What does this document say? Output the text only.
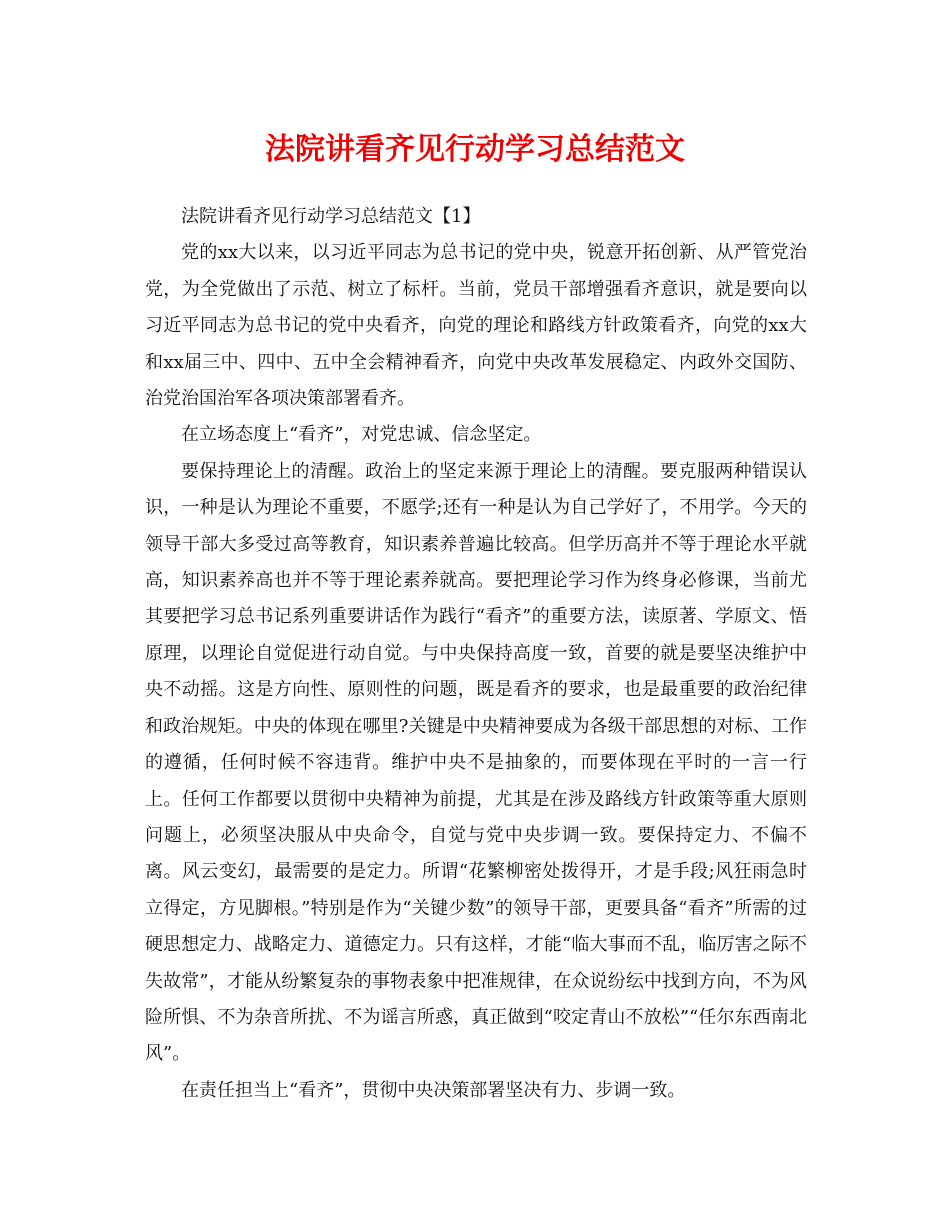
法院讲看齐见行动学习总结范文

法院讲看齐见行动学习总结范文【1】

党的xx大以来，以习近平同志为总书记的党中央，锐意开拓创新、从严管党治党，为全党做出了示范、树立了标杆。当前，党员干部增强看齐意识，就是要向以习近平同志为总书记的党中央看齐，向党的理论和路线方针政策看齐，向党的xx大和xx届三中、四中、五中全会精神看齐，向党中央改革发展稳定、内政外交国防、治党治国治军各项决策部署看齐。

在立场态度上“看齐”，对党忠诚、信念坚定。

要保持理论上的清醒。政治上的坚定来源于理论上的清醒。要克服两种错误认识，一种是认为理论不重要，不愿学;还有一种是认为自己学好了，不用学。今天的领导干部大多受过高等教育，知识素养普遍比较高。但学历高并不等于理论水平就高，知识素养高也并不等于理论素养就高。要把理论学习作为终身必修课，当前尤其要把学习总书记系列重要讲话作为践行“看齐”的重要方法，读原著、学原文、悟原理，以理论自觉促进行动自觉。与中央保持高度一致，首要的就是要坚决维护中央不动摇。这是方向性、原则性的问题，既是看齐的要求，也是最重要的政治纪律和政治规矩。中央的体现在哪里?关键是中央精神要成为各级干部思想的对标、工作的遵循，任何时候不容违背。维护中央不是抽象的，而要体现在平时的一言一行上。任何工作都要以贯彻中央精神为前提，尤其是在涉及路线方针政策等重大原则问题上，必须坚决服从中央命令，自觉与党中央步调一致。要保持定力、不偏不离。风云变幻，最需要的是定力。所谓“花繁柳密处拨得开，才是手段;风狂雨急时立得定，方见脚根。”特别是作为“关键少数”的领导干部，更要具备“看齐”所需的过硬思想定力、战略定力、道德定力。只有这样，才能“临大事而不乱，临厉害之际不失故常”，才能从纷繁复杂的事物表象中把准规律，在众说纷纭中找到方向，不为风险所惧、不为杂音所扰、不为谣言所惑，真正做到“咬定青山不放松”“任尔东西南北风”。

在责任担当上“看齐”，贯彻中央决策部署坚决有力、步调一致。
